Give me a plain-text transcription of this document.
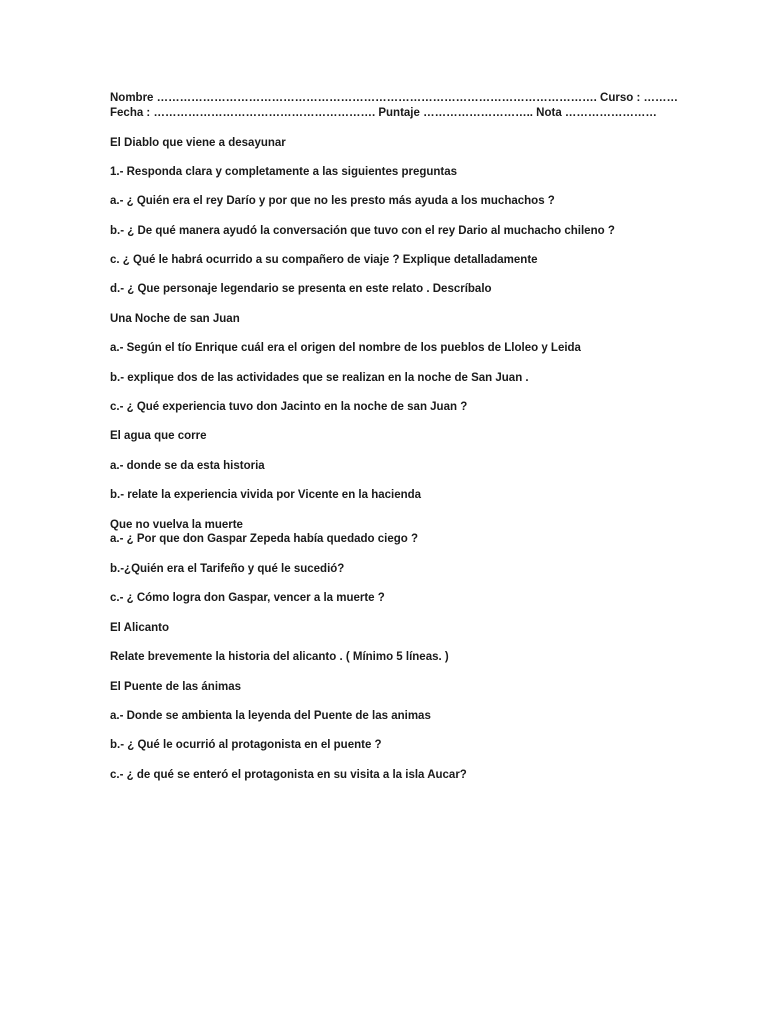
Nombre ……………………………………………………………………………………………………. Curso : ………
Fecha : …………………………………………………. Puntaje ……………………….. Nota ……………………
El Diablo que viene a desayunar
1.- Responda clara y completamente a las siguientes preguntas
a.- ¿ Quién era el rey Darío y por que no les presto más ayuda a los muchachos ?
b.- ¿ De qué manera ayudó la conversación que tuvo con el rey Dario al muchacho chileno ?
c. ¿ Qué le habrá ocurrido a su compañero de viaje ? Explique detalladamente
d.- ¿ Que personaje legendario se presenta en este relato . Descríbalo
Una Noche de san Juan
a.- Según el tío Enrique cuál era el origen del nombre de los pueblos de Lloleo y Leida
b.- explique dos de las actividades que se realizan en la noche de San Juan .
c.- ¿ Qué experiencia tuvo don Jacinto en la noche de san Juan ?
El agua que corre
a.- donde se da esta historia
b.- relate la experiencia vivida por Vicente en la hacienda
Que no vuelva la muerte
a.- ¿ Por que don Gaspar Zepeda había quedado ciego ?
b.-¿Quién era el Tarifeño y qué le sucedió?
c.- ¿ Cómo logra don Gaspar, vencer a la muerte ?
El Alicanto
Relate brevemente la historia del alicanto . ( Mínimo 5 líneas. )
El Puente de las ánimas
a.- Donde se ambienta la leyenda del Puente de las animas
b.- ¿ Qué le ocurrió al protagonista en el puente ?
c.- ¿ de qué se enteró el protagonista en su visita a la isla Aucar?
